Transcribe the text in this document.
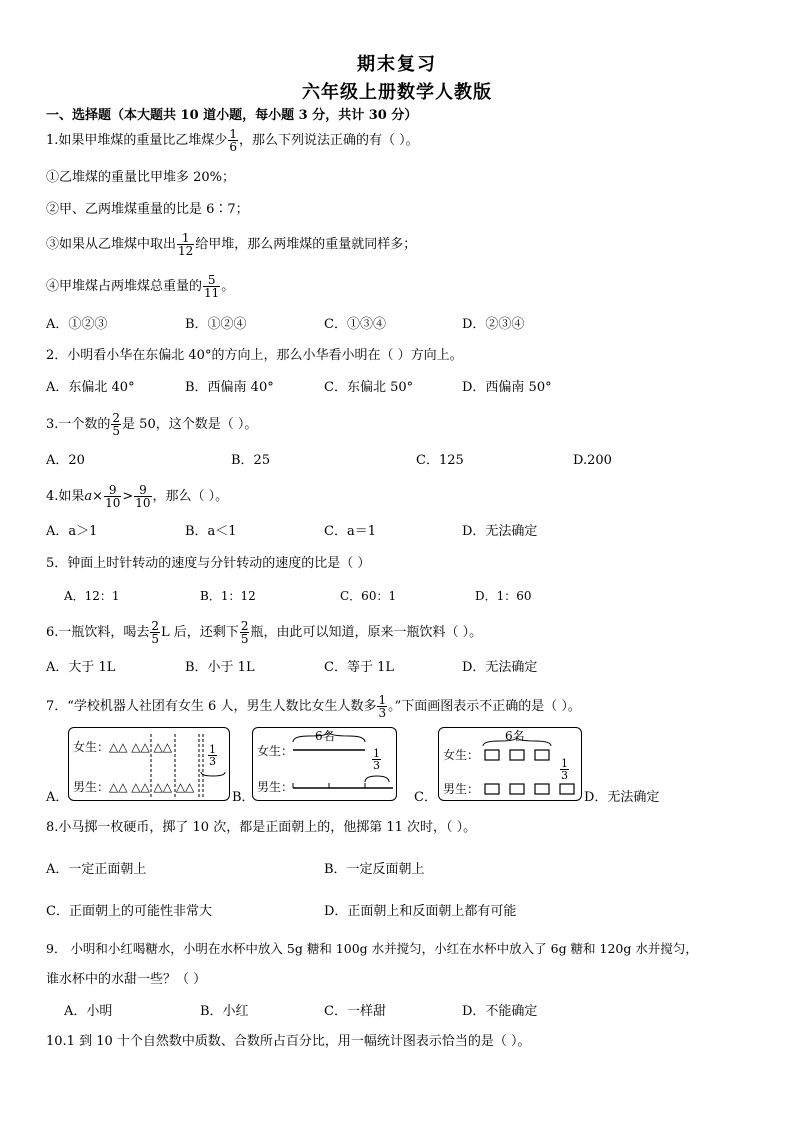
期末复习
六年级上册数学人教版
一、选择题（本大题共 10 道小题，每小题 3 分，共计 30 分）
1.如果甲堆煤的重量比乙堆煤少 $\frac{1}{6}$ ，那么下列说法正确的有（ ）。
①乙堆煤的重量比甲堆多 20%；
②甲、乙两堆煤重量的比是 6∶7；
③如果从乙堆煤中取出 $\frac{1}{12}$ 给甲堆，那么两堆煤的重量就同样多；
④甲堆煤占两堆煤总重量的 $\frac{5}{11}$ 。
A．①②③	B．①②④	C．①③④	D．②③④
2．小明看小华在东偏北 40°的方向上，那么小华看小明在（ ）方向上。
A．东偏北 40°	B．西偏南 40°	C．东偏北 50°	D．西偏南 50°
3.一个数的 $\frac{2}{5}$ 是 50，这个数是（ ）。
A．20	B．25	C．125	D.200
4.如果$a\times \frac{9}{10} > \frac{9}{10}$ ，那么（ ）。
A．a＞1	B．a＜1	C．a＝1	D．无法确定
5．钟面上时针转动的速度与分针转动的速度的比是（ ）
A．12：1	B．1：12	C．60：1	D．1：60
6.一瓶饮料，喝去 $\frac{2}{5}$ L 后，还剩下 $\frac{2}{5}$ 瓶，由此可以知道，原来一瓶饮料（ ）。
A．大于 1L	B．小于 1L	C．等于 1L	D．无法确定
7．“学校机器人社团有女生 6 人，男生人数比女生人数多 $\frac{1}{3}$ 。”下面画图表示不正确的是（ ）。
A．
女生：△△ △△ △△
男生：△△ △△ △△ △△
$\frac{1}{3}$
B．
6名
女生：
男生：
$\frac{1}{3}$
C．
6名
女生：
男生：
$\frac{1}{3}$
D．无法确定
8.小马掷一枚硬币，掷了 10 次，都是正面朝上的，他掷第 11 次时，（ ）。
A．一定正面朝上	B．一定反面朝上
C．正面朝上的可能性非常大	D．正面朝上和反面朝上都有可能
9． 小明和小红喝糖水，小明在水杯中放入 5g 糖和 100g 水并搅匀，小红在水杯中放入了 6g 糖和 120g 水并搅匀，
谁水杯中的水甜一些？（ ）
A．小明	B．小红	C．一样甜	D．不能确定
10.1 到 10 十个自然数中质数、合数所占百分比，用一幅统计图表示恰当的是（ ）。
